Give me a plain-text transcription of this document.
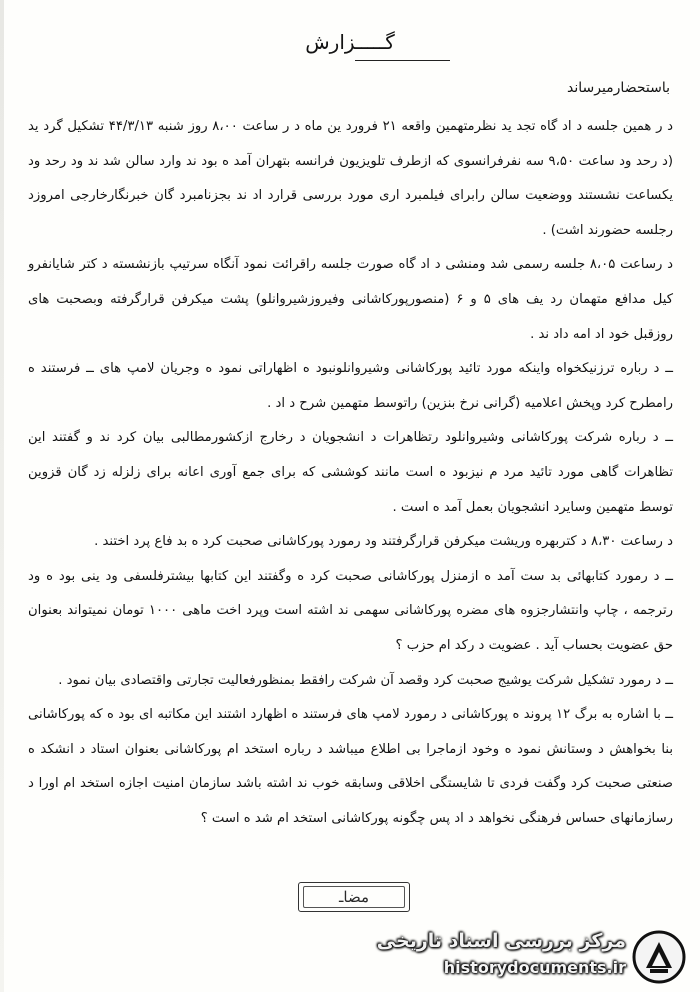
گـــــزارش
باستحضارمیرساند

د ر همین جلسه د اد گاه تجد ید نظرمتهمین واقعه ۲۱ فرورد ین ماه د ر ساعت ۸،۰۰ روز شنبه ۴۴/۳/۱۳ تشکیل گرد ید (د رحد ود ساعت ۹،۵۰ سه نفرفرانسوی که ازطرف تلویزیون فرانسه بتهران آمد ه بود ند وارد سالن شد ند ود رحد ود یکساعت نشستند ووضعیت سالن رابرای فیلمبرد اری مورد بررسی قرارد اد ند بجزنامبرد گان خبرنگارخارجی امروزد رجلسه حضورند اشت) .

د رساعت ۸،۰۵ جلسه رسمی شد ومنشی د اد گاه صورت جلسه راقرائت نمود آنگاه سرتیپ بازنشسته د کتر شایانفرو کیل مدافع متهمان رد یف های ۵ و ۶ (منصورپورکاشانی وفیروزشیروانلو) پشت میکرفن قرارگرفته وبصحبت های روزقبل خود اد امه داد ند .

ــ د رباره ترزنیکخواه واینکه مورد تائید پورکاشانی وشیروانلونبود ه اظهاراتی نمود ه وجریان لامپ های ــ فرستند ه رامطرح کرد وپخش اعلامیه (گرانی نرخ بنزین) راتوسط متهمین شرح د اد .

ــ د رباره شرکت پورکاشانی وشیروانلود رتظاهرات د انشجویان د رخارج ازکشورمطالبی بیان کرد ند و گفتند این تظاهرات گاهی مورد تائید مرد م نیزبود ه است مانند کوششی که برای جمع آوری اعانه برای زلزله زد گان قزوین توسط متهمین وسایرد انشجویان بعمل آمد ه است .

د رساعت ۸،۳۰ د کتربهره وریشت میکرفن قرارگرفتند ود رمورد پورکاشانی صحبت کرد ه بد فاع پرد اختند .

ــ د رمورد کتابهائی بد ست آمد ه ازمنزل پورکاشانی صحبت کرد ه وگفتند این کتابها بیشترفلسفی ود ینی بود ه ود رترجمه ، چاپ وانتشارجزوه های مضره پورکاشانی سهمی ند اشته است وپرد اخت ماهی ۱۰۰۰ تومان نمیتواند بعنوان حق عضویت بحساب آید . عضویت د رکد ام حزب ؟

ــ د رمورد تشکیل شرکت یوشیج صحبت کرد وقصد آن شرکت رافقط بمنظورفعالیت تجارتی واقتصادی بیان نمود .

ــ با اشاره به برگ ۱۲ پروند ه پورکاشانی د رمورد لامپ های فرستند ه اظهارد اشتند این مکاتبه ای بود ه که پورکاشانی بنا بخواهش د وستانش نمود ه وخود ازماجرا بی اطلاع میباشد د رباره استخد ام پورکاشانی بعنوان استاد د انشکد ه صنعتی صحبت کرد وگفت فردی تا شایستگی اخلاقی وسابقه خوب ند اشته باشد سازمان امنیت اجازه استخد ام اورا د رسازمانهای حساس فرهنگی نخواهد د اد پس چگونه پورکاشانی استخد ام شد ه است ؟

مضاـ
مرکز بررسی اسناد تاریخی
historydocuments.ir
